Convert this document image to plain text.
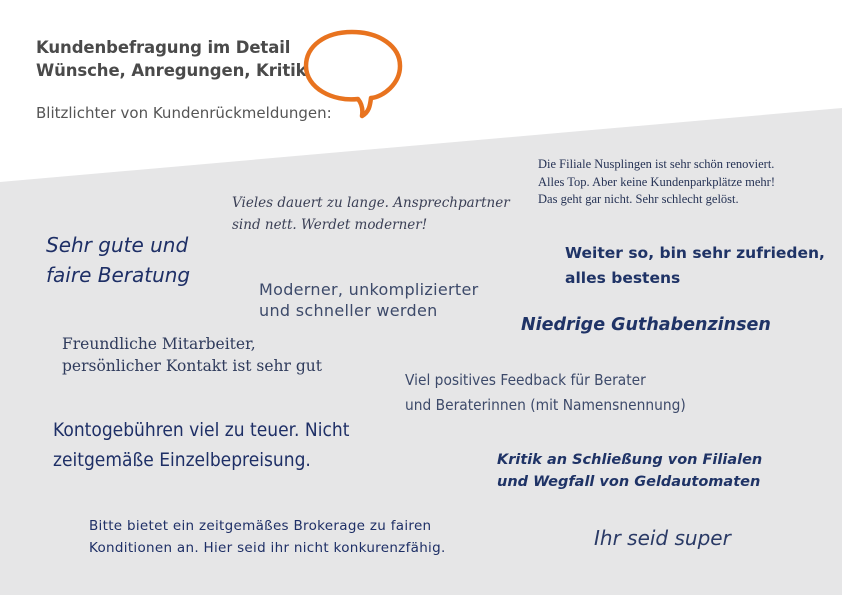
Kundenbefragung im Detail
Wünsche, Anregungen, Kritik
Blitzlichter von Kundenrückmeldungen:
Die Filiale Nusplingen ist sehr schön renoviert.
Alles Top. Aber keine Kundenparkplätze mehr!
Das geht gar nicht. Sehr schlecht gelöst.
Vieles dauert zu lange. Ansprechpartner
sind nett. Werdet moderner!
Sehr gute und
faire Beratung
Weiter so, bin sehr zufrieden,
alles bestens
Moderner, unkomplizierter
und schneller werden
Niedrige Guthabenzinsen
Freundliche Mitarbeiter,
persönlicher Kontakt ist sehr gut
Viel positives Feedback für Berater
und Beraterinnen (mit Namensnennung)
Kontogebühren viel zu teuer. Nicht
zeitgemäße Einzelbepreisung.	Kritik an Schließung von Filialen
und Wegfall von Geldautomaten
Bitte bietet ein zeitgemäßes Brokerage zu fairen
Konditionen an. Hier seid ihr nicht konkurenzfähig.	Ihr seid super
